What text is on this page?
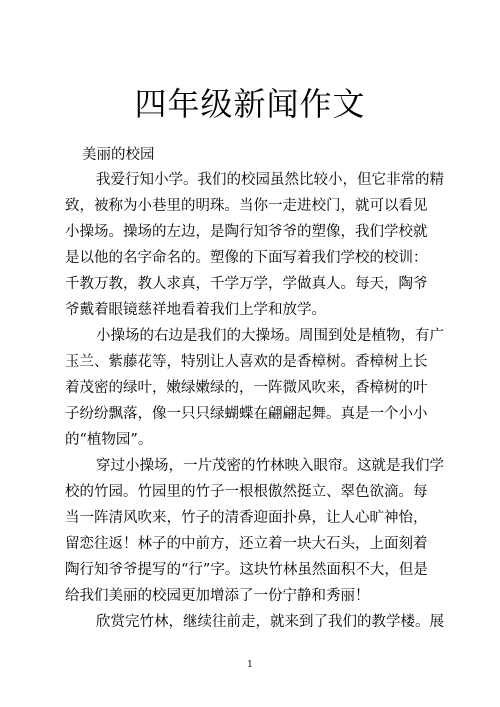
四年级新闻作文
美丽的校园
我爱行知小学。我们的校园虽然比较小，但它非常的精
致，被称为小巷里的明珠。当你一走进校门，就可以看见
小操场。操场的左边，是陶行知爷爷的塑像，我们学校就
是以他的名字命名的。塑像的下面写着我们学校的校训：
千教万教，教人求真，千学万学，学做真人。每天，陶爷
爷戴着眼镜慈祥地看着我们上学和放学。
小操场的右边是我们的大操场。周围到处是植物，有广
玉兰、紫藤花等，特别让人喜欢的是香樟树。香樟树上长
着茂密的绿叶，嫩绿嫩绿的，一阵微风吹来，香樟树的叶
子纷纷飘落，像一只只绿蝴蝶在翩翩起舞。真是一个小小
的“植物园”。
穿过小操场，一片茂密的竹林映入眼帘。这就是我们学
校的竹园。竹园里的竹子一根根傲然挺立、翠色欲滴。每
当一阵清风吹来，竹子的清香迎面扑鼻，让人心旷神怡，
留恋往返！林子的中前方，还立着一块大石头，上面刻着
陶行知爷爷提写的“行”字。这块竹林虽然面积不大，但是
给我们美丽的校园更加增添了一份宁静和秀丽！
欣赏完竹林，继续往前走，就来到了我们的教学楼。展
1
